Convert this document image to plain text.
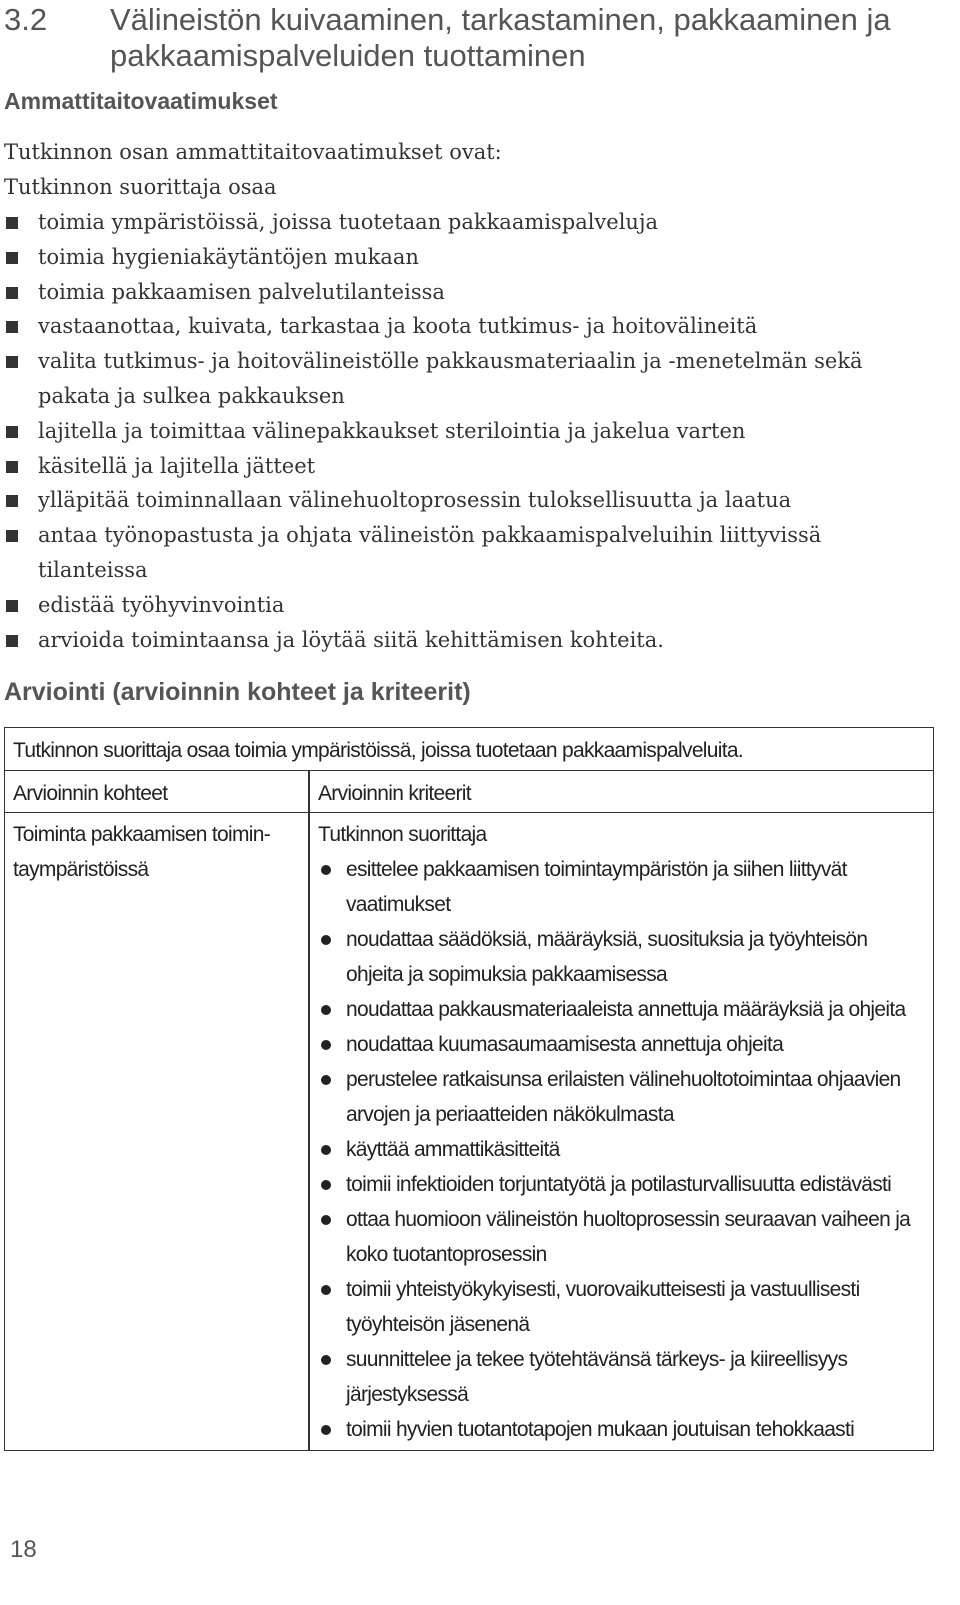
3.2 Välineistön kuivaaminen, tarkastaminen, pakkaaminen ja pakkaamispalveluiden tuottaminen
Ammattitaitovaatimukset
Tutkinnon osan ammattitaitovaatimukset ovat:
Tutkinnon suorittaja osaa
toimia ympäristöissä, joissa tuotetaan pakkaamispalveluja
toimia hygieniakäytäntöjen mukaan
toimia pakkaamisen palvelutilanteissa
vastaanottaa, kuivata, tarkastaa ja koota tutkimus- ja hoitovälineitä
valita tutkimus- ja hoitovälineistölle pakkausmateriaalin ja -menetelmän sekä pakata ja sulkea pakkauksen
lajitella ja toimittaa välinepakkaukset sterilointia ja jakelua varten
käsitellä ja lajitella jätteet
ylläpitää toiminnallaan välinehuoltoprosessin tuloksellisuutta ja laatua
antaa työnopastusta ja ohjata välineistön pakkaamispalveluihin liittyvissä tilanteissa
edistää työhyvinvointia
arvioida toimintaansa ja löytää siitä kehittämisen kohteita.
Arviointi (arvioinnin kohteet ja kriteerit)
Tutkinnon suorittaja osaa toimia ympäristöissä, joissa tuotetaan pakkaamispalveluita.
Arvioinnin kohteet	Arvioinnin kriteerit
Toiminta pakkaamisen toimin-taympäristöissä
Tutkinnon suorittaja
esittelee pakkaamisen toimintaympäristön ja siihen liittyvät vaatimukset
noudattaa säädöksiä, määräyksiä, suosituksia ja työyhteisön ohjeita ja sopimuksia pakkaamisessa
noudattaa pakkausmateriaaleista annettuja määräyksiä ja ohjeita
noudattaa kuumasaumaamisesta annettuja ohjeita
perustelee ratkaisunsa erilaisten välinehuoltotoimintaa ohjaavien arvojen ja periaatteiden näkökulmasta
käyttää ammattikäsitteitä
toimii infektioiden torjuntatyötä ja potilasturvallisuutta edistävästi
ottaa huomioon välineistön huoltoprosessin seuraavan vaiheen ja koko tuotantoprosessin
toimii yhteistyökykyisesti, vuorovaikutteisesti ja vastuullisesti työyhteisön jäsenenä
suunnittelee ja tekee työtehtävänsä tärkeys- ja kiireellisyys järjestyksessä
toimii hyvien tuotantotapojen mukaan joutuisan tehokkaasti
18
